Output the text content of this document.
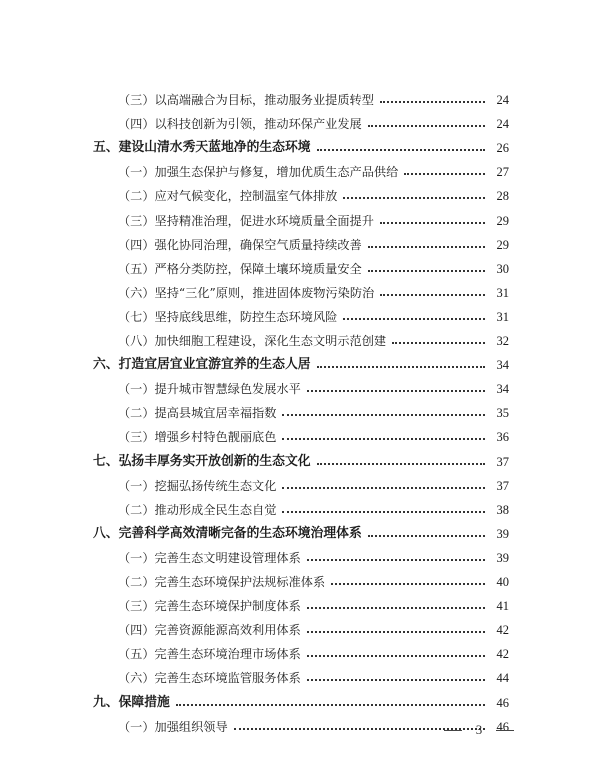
（三）以高端融合为目标，推动服务业提质转型	24
（四）以科技创新为引领，推动环保产业发展	24
五、建设山清水秀天蓝地净的生态环境	26
（一）加强生态保护与修复，增加优质生态产品供给	27
（二）应对气候变化，控制温室气体排放	28
（三）坚持精准治理，促进水环境质量全面提升	29
（四）强化协同治理，确保空气质量持续改善	29
（五）严格分类防控，保障土壤环境质量安全	30
（六）坚持“三化”原则，推进固体废物污染防治	31
（七）坚持底线思维，防控生态环境风险	31
（八）加快细胞工程建设，深化生态文明示范创建	32
六、打造宜居宜业宜游宜养的生态人居	34
（一）提升城市智慧绿色发展水平	34
（二）提高县城宜居幸福指数	35
（三）增强乡村特色靓丽底色	36
七、弘扬丰厚务实开放创新的生态文化	37
（一）挖掘弘扬传统生态文化	37
（二）推动形成全民生态自觉	38
八、完善科学高效清晰完备的生态环境治理体系	39
（一）完善生态文明建设管理体系	39
（二）完善生态环境保护法规标准体系	40
（三）完善生态环境保护制度体系	41
（四）完善资源能源高效利用体系	42
（五）完善生态环境治理市场体系	42
（六）完善生态环境监管服务体系	44
九、保障措施	46
（一）加强组织领导	46
3
